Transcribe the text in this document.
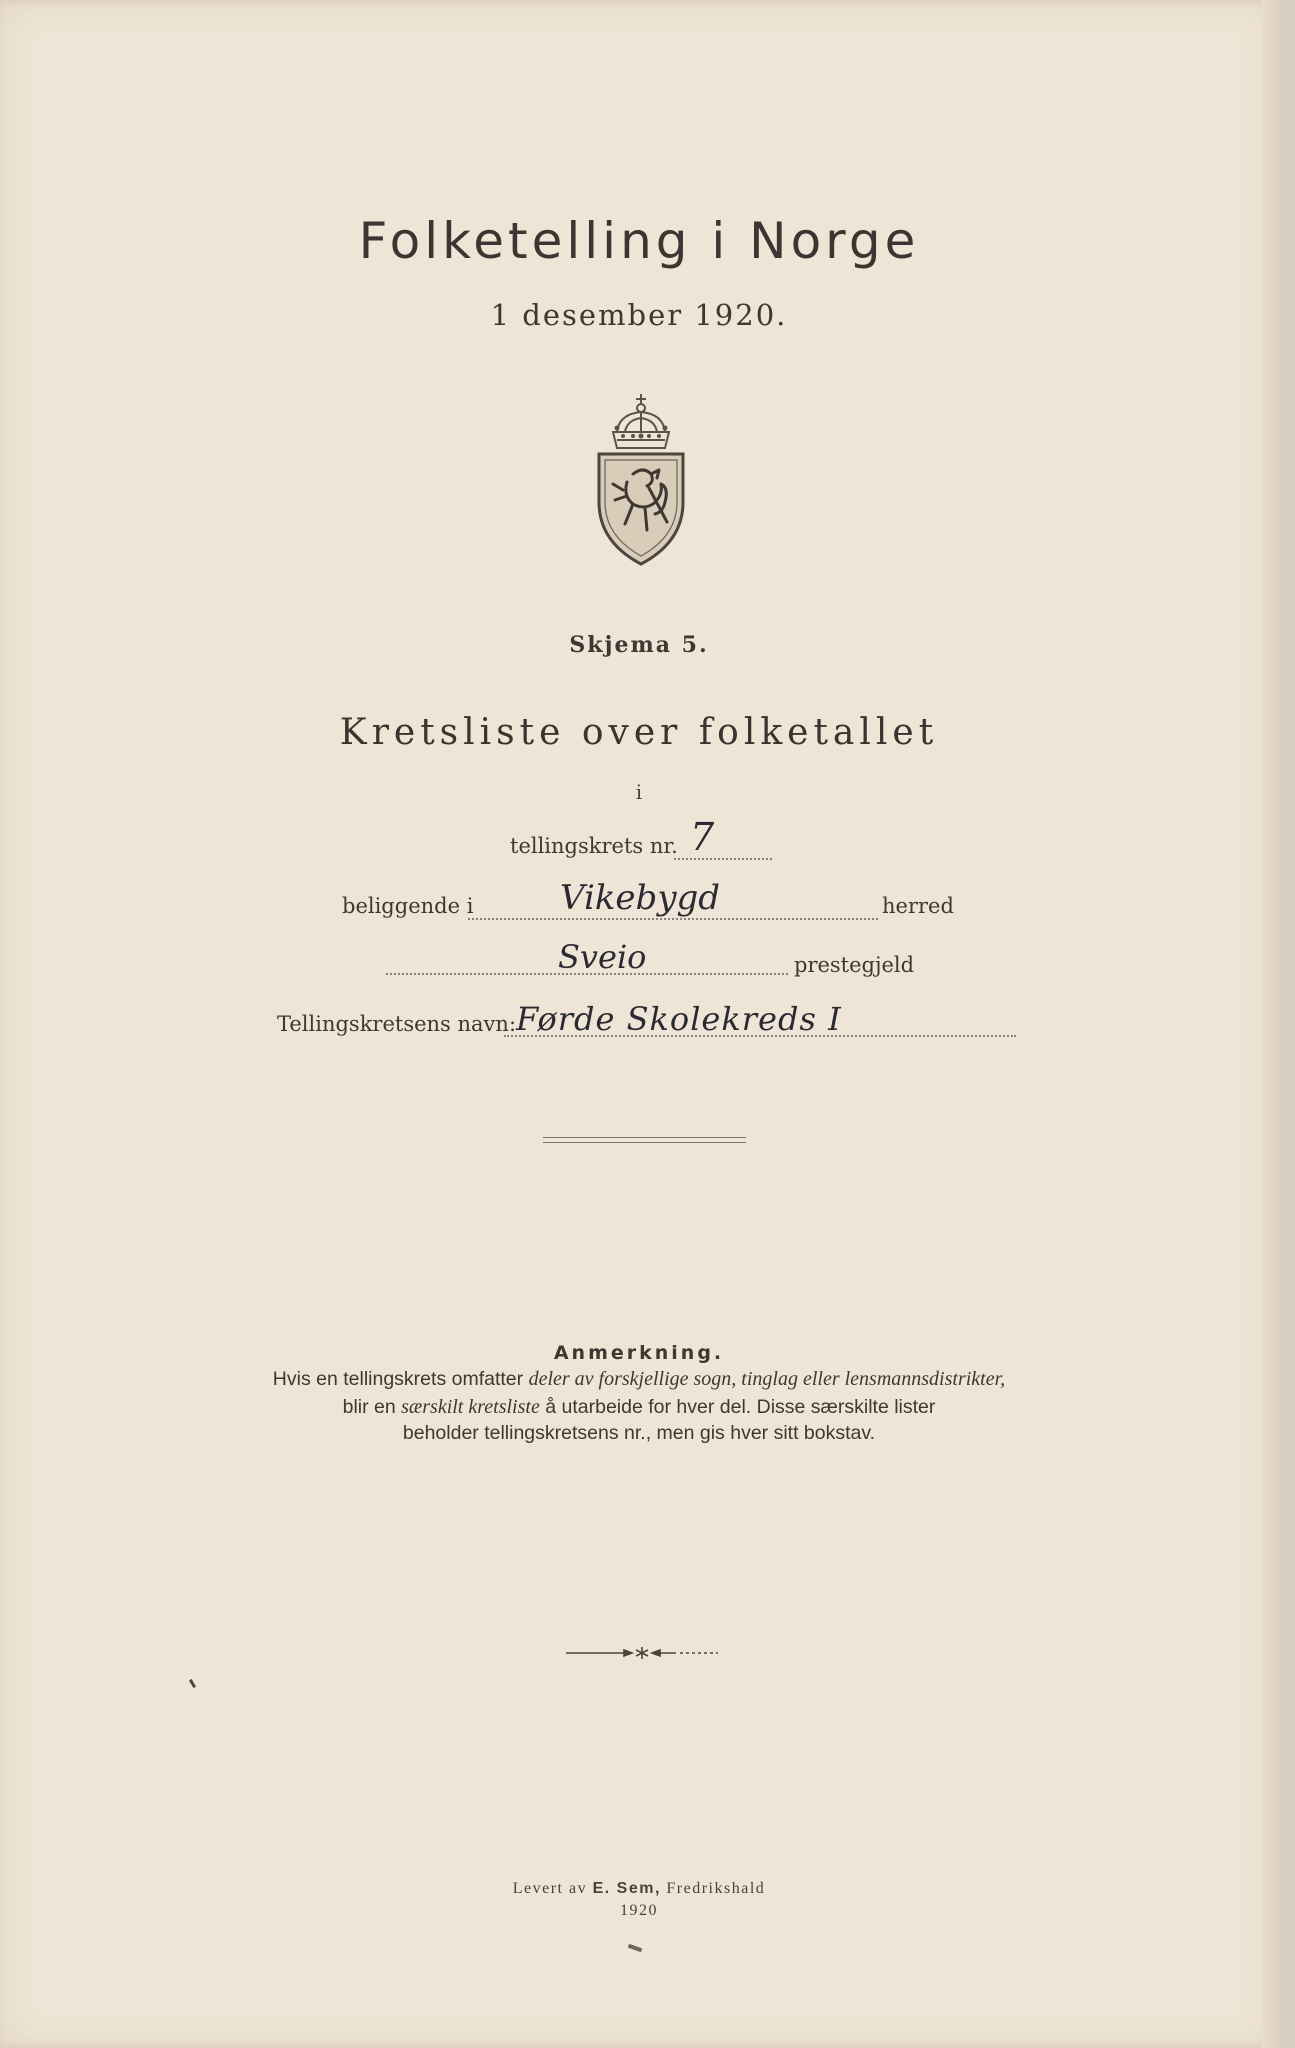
Folketelling i Norge
1 desember 1920.
Skjema 5.
Kretsliste over folketallet
i
tellingskrets nr. 7
beliggende i	Vikebygd	herred
Sveio	prestegjeld
Tellingskretsens navn: Førde Skolekreds I
Anmerkning.
Hvis en tellingskrets omfatter deler av forskjellige sogn, tinglag eller lensmannsdistrikter,
blir en særskilt kretsliste å utarbeide for hver del. Disse særskilte lister
beholder tellingskretsens nr., men gis hver sitt bokstav.
Levert av E. Sem, Fredrikshald
1920
